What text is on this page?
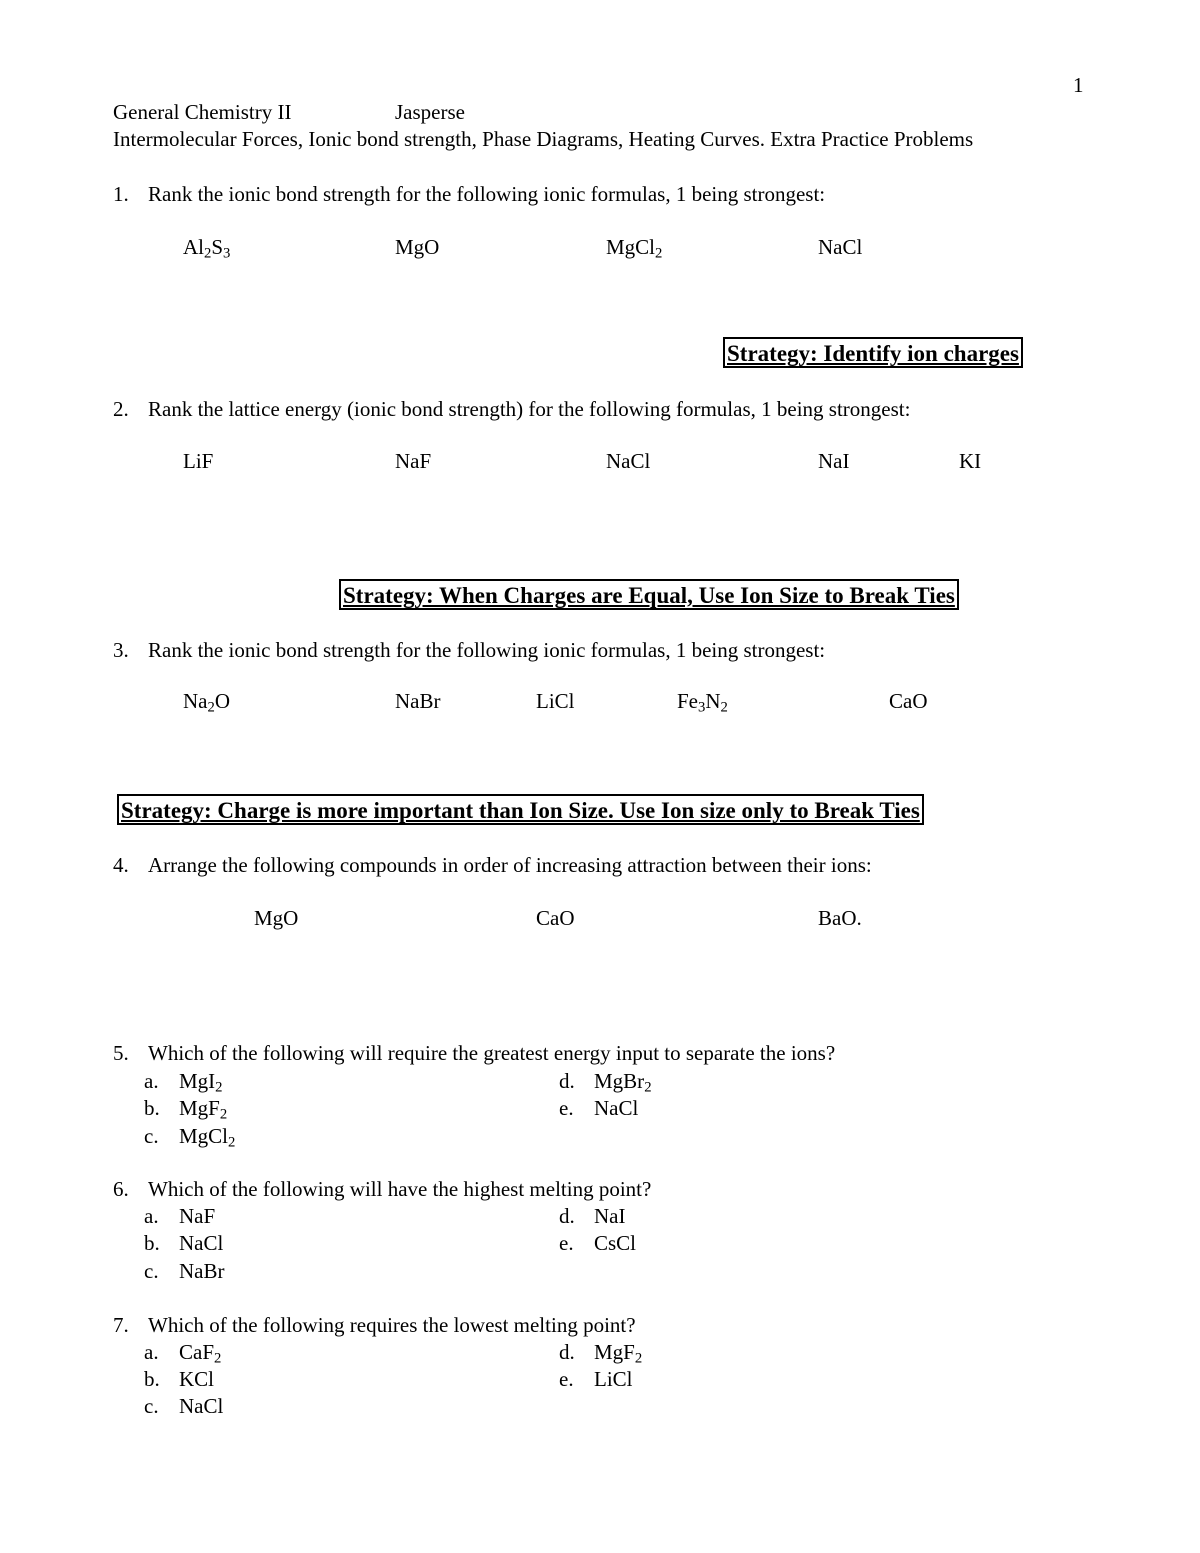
1
General Chemistry II	Jasperse
Intermolecular Forces, Ionic bond strength, Phase Diagrams, Heating Curves. Extra Practice Problems
1. Rank the ionic bond strength for the following ionic formulas, 1 being strongest:
$Al_2S_3$	MgO	MgCl$_2$	NaCl
Strategy: Identify ion charges
2. Rank the lattice energy (ionic bond strength) for the following formulas, 1 being strongest:
LiF	NaF	NaCl	NaI	KI
Strategy: When Charges are Equal, Use Ion Size to Break Ties
3. Rank the ionic bond strength for the following ionic formulas, 1 being strongest:
$Na_2O$	NaBr	LiCl	$Fe_3N_2$	CaO
Strategy: Charge is more important than Ion Size. Use Ion size only to Break Ties
4. Arrange the following compounds in order of increasing attraction between their ions:
MgO	CaO	BaO.
5. Which of the following will require the greatest energy input to separate the ions?
a. MgI$_2$
b. MgF$_2$
c. MgCl$_2$
d. MgBr$_2$
e. NaCl
6. Which of the following will have the highest melting point?
a. NaF
b. NaCl
c. NaBr
d. NaI
e. CsCl
7. Which of the following requires the lowest melting point?
a. CaF$_2$
b. KCl
c. NaCl
d. MgF$_2$
e. LiCl
